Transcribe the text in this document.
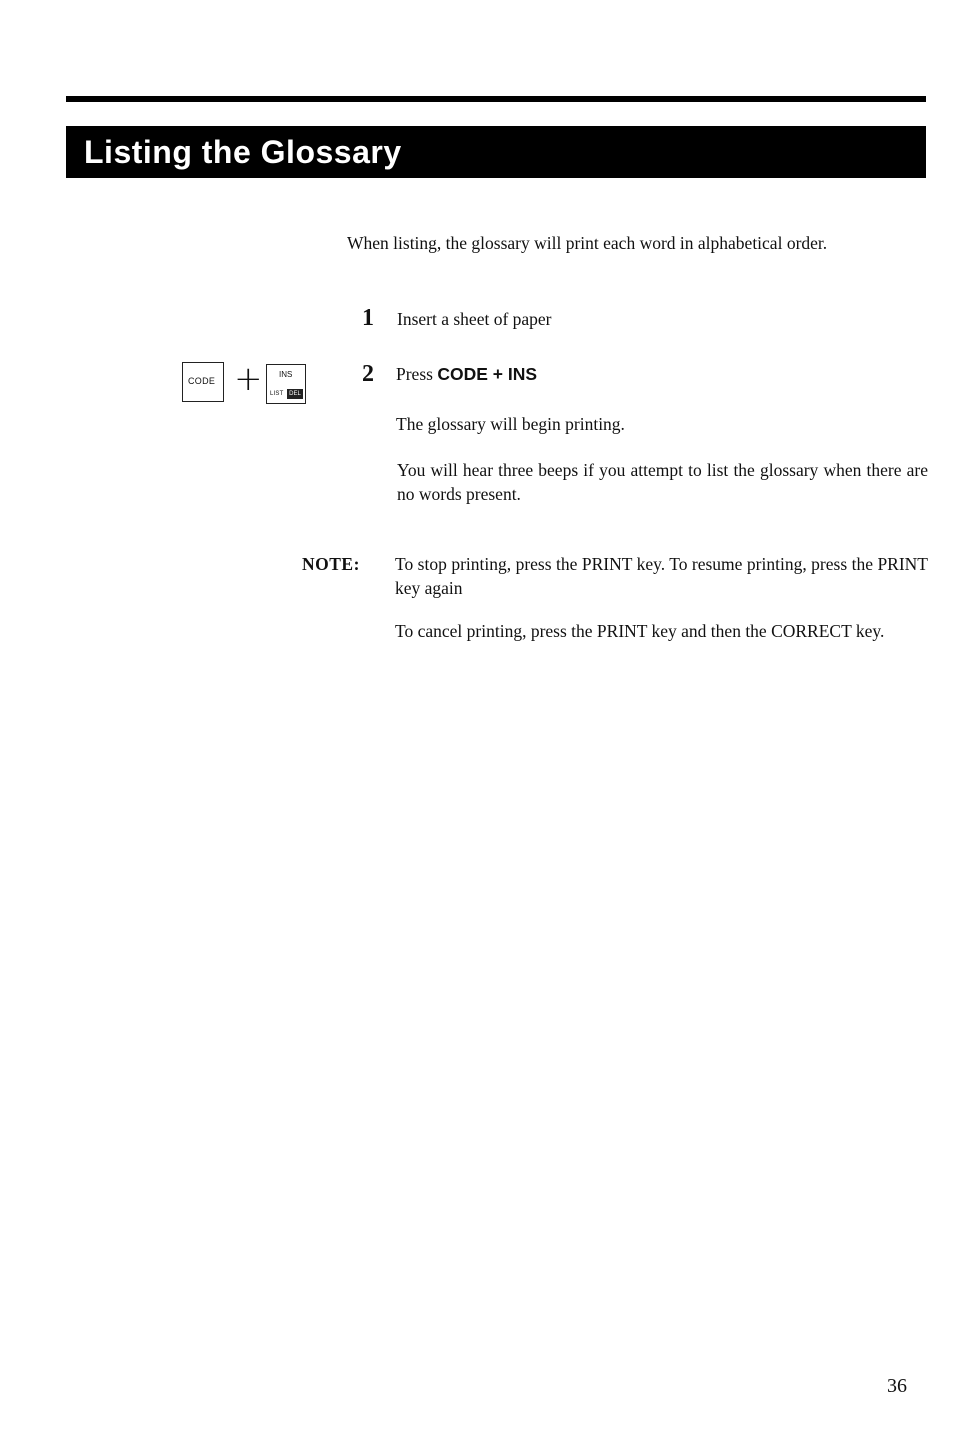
Listing the Glossary

When listing, the glossary will print each word in alphabetical order.

1 Insert a sheet of paper

CODE + INS
LIST DEL
2 Press CODE + INS

The glossary will begin printing.

You will hear three beeps if you attempt to list the glossary when there are no words present.

NOTE: To stop printing, press the PRINT key. To resume printing, press the PRINT key again

To cancel printing, press the PRINT key and then the CORRECT key.

36
